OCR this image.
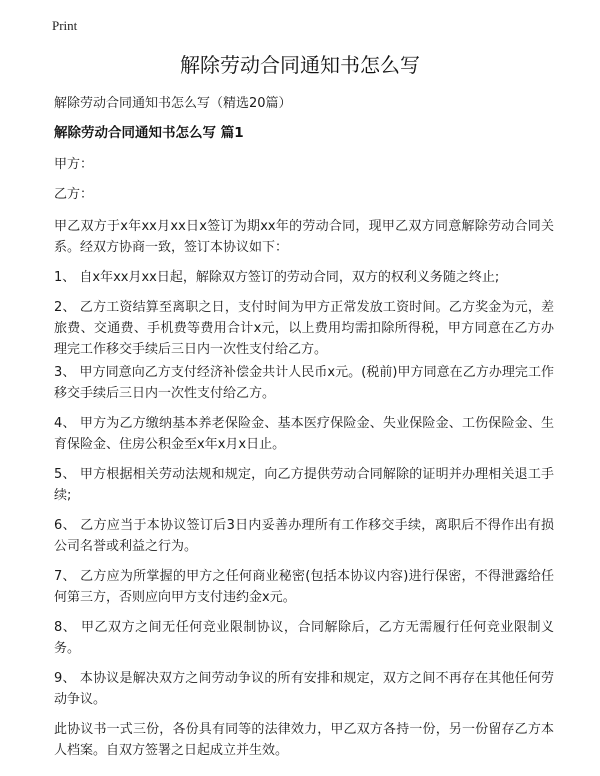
Print
解除劳动合同通知书怎么写

解除劳动合同通知书怎么写（精选20篇）

解除劳动合同通知书怎么写 篇1

甲方：

乙方：

甲乙双方于x年xx月xx日x签订为期xx年的劳动合同，现甲乙双方同意解除劳动合同关系。经双方协商一致，签订本协议如下：

1、 自x年xx月xx日起，解除双方签订的劳动合同，双方的权利义务随之终止;

2、 乙方工资结算至离职之日，支付时间为甲方正常发放工资时间。乙方奖金为元，差旅费、交通费、手机费等费用合计x元，以上费用均需扣除所得税，甲方同意在乙方办理完工作移交手续后三日内一次性支付给乙方。

3、 甲方同意向乙方支付经济补偿金共计人民币x元。(税前)甲方同意在乙方办理完工作移交手续后三日内一次性支付给乙方。

4、 甲方为乙方缴纳基本养老保险金、基本医疗保险金、失业保险金、工伤保险金、生育保险金、住房公积金至x年x月x日止。

5、 甲方根据相关劳动法规和规定，向乙方提供劳动合同解除的证明并办理相关退工手续;

6、 乙方应当于本协议签订后3日内妥善办理所有工作移交手续，离职后不得作出有损公司名誉或利益之行为。

7、 乙方应为所掌握的甲方之任何商业秘密(包括本协议内容)进行保密，不得泄露给任何第三方，否则应向甲方支付违约金x元。

8、 甲乙双方之间无任何竞业限制协议，合同解除后，乙方无需履行任何竞业限制义务。

9、 本协议是解决双方之间劳动争议的所有安排和规定，双方之间不再存在其他任何劳动争议。

此协议书一式三份，各份具有同等的法律效力，甲乙双方各持一份，另一份留存乙方本人档案。自双方签署之日起成立并生效。
